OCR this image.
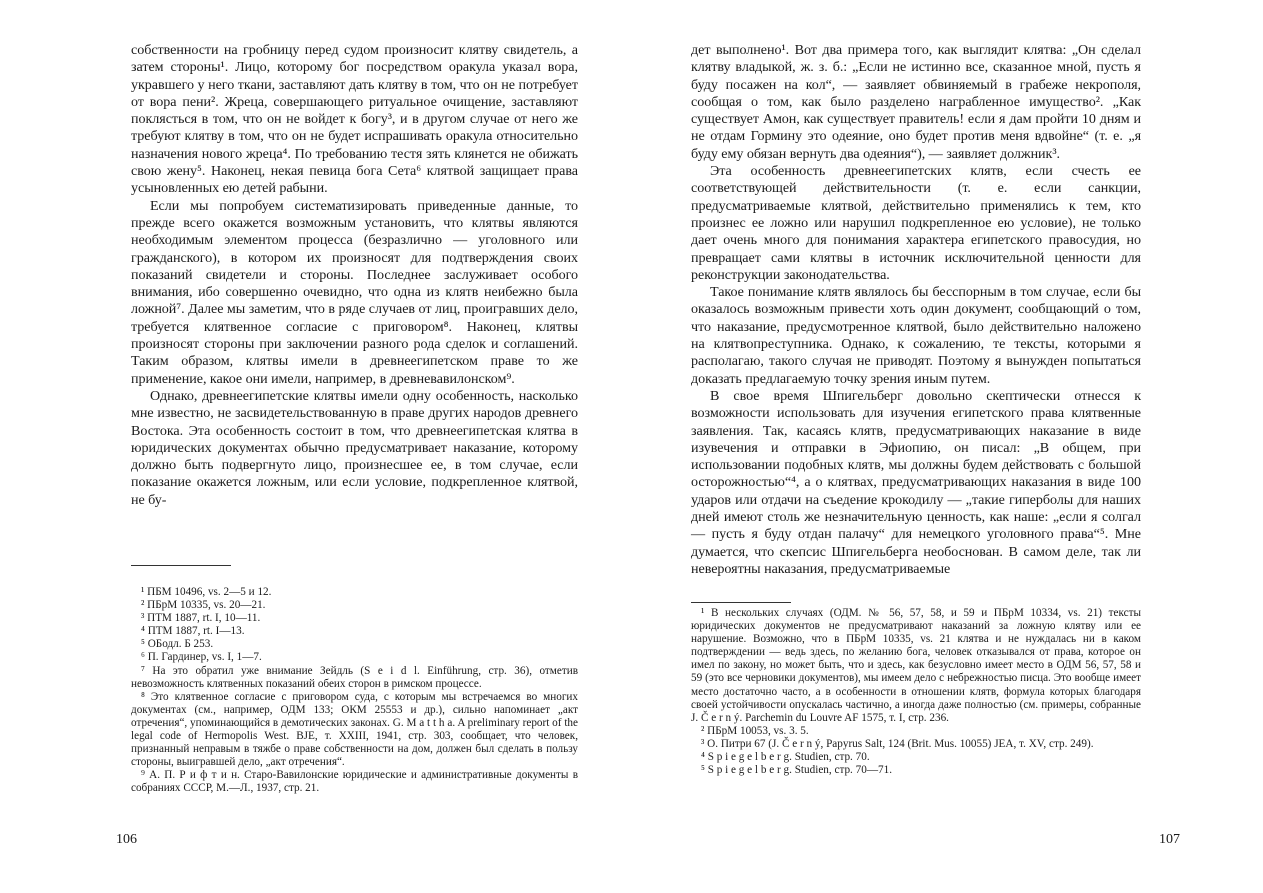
собственности на гробницу перед судом произносит клятву свидетель, а затем стороны¹. Лицо, которому бог посредством оракула указал вора, укравшего у него ткани, заставляют дать клятву в том, что он не потребует от вора пени². Жреца, совершающего ритуальное очищение, заставляют поклясться в том, что он не войдет к богу³, и в другом случае от него же требуют клятву в том, что он не будет испрашивать оракула относительно назначения нового жреца⁴. По требованию тестя зять клянется не обижать свою жену⁵. Наконец, некая певица бога Сета⁶ клятвой защищает права усыновленных ею детей рабыни.

Если мы попробуем систематизировать приведенные данные, то прежде всего окажется возможным установить, что клятвы являются необходимым элементом процесса (безразлично — уголовного или гражданского), в котором их произносят для подтверждения своих показаний свидетели и стороны. Последнее заслуживает особого внимания, ибо совершенно очевидно, что одна из клятв неибежно была ложной⁷. Далее мы заметим, что в ряде случаев от лиц, проигравших дело, требуется клятвенное согласие с приговором⁸. Наконец, клятвы произносят стороны при заключении разного рода сделок и соглашений. Таким образом, клятвы имели в древнеегипетском праве то же применение, какое они имели, например, в древневавилонском⁹.

Однако, древнеегипетские клятвы имели одну особенность, насколько мне известно, не засвидетельствованную в праве других народов древнего Востока. Эта особенность состоит в том, что древнеегипетская клятва в юридических документах обычно предусматривает наказание, которому должно быть подвергнуто лицо, произнесшее ее, в том случае, если показание окажется ложным, или если условие, подкрепленное клятвой, не бу-

¹ ПБМ 10496, vs. 2—5 и 12.

² ПБрМ 10335, vs. 20—21.

³ ПТМ 1887, rt. I, 10—11.

⁴ ПТМ 1887, rt. I—13.

⁵ ОБодл. Б 253.

⁶ П. Гардинер, vs. I, 1—7.

⁷ На это обратил уже внимание Зейдль (S e i d l. Einführung, стр. 36), отметив невозможность клятвенных показаний обеих сторон в римском процессе.

⁸ Это клятвенное согласие с приговором суда, с которым мы встречаемся во многих документах (см., например, ОДМ 133; ОКМ 25553 и др.), сильно напоминает „акт отречения“, упоминающийся в демотических законах. G. M a t t h a. A preliminary report of the legal code of Hermopolis West. BJE, т. XXIII, 1941, стр. 303, сообщает, что человек, признанный неправым в тяжбе о праве собственности на дом, должен был сделать в пользу стороны, выигравшей дело, „акт отречения“.

⁹ А. П. Р и ф т и н. Старо-Вавилонские юридические и административные документы в собраниях СССР, М.—Л., 1937, стр. 21.

106

дет выполнено¹. Вот два примера того, как выглядит клятва: „Он сделал клятву владыкой, ж. з. б.: „Если не истинно все, сказанное мной, пусть я буду посажен на кол“, — заявляет обвиняемый в грабеже некрополя, сообщая о том, как было разделено награбленное имущество². „Как существует Амон, как существует правитель! если я дам пройти 10 дням и не отдам Гормину это одеяние, оно будет против меня вдвойне“ (т. е. „я буду ему обязан вернуть два одеяния“), — заявляет должник³.

Эта особенность древнеегипетских клятв, если счесть ее соответствующей действительности (т. е. если санкции, предусматриваемые клятвой, действительно применялись к тем, кто произнес ее ложно или нарушил подкрепленное ею условие), не только дает очень много для понимания характера египетского правосудия, но превращает сами клятвы в источник исключительной ценности для реконструкции законодательства.

Такое понимание клятв являлось бы бесспорным в том случае, если бы оказалось возможным привести хоть один документ, сообщающий о том, что наказание, предусмотренное клятвой, было действительно наложено на клятвопреступника. Однако, к сожалению, те тексты, которыми я располагаю, такого случая не приводят. Поэтому я вынужден попытаться доказать предлагаемую точку зрения иным путем.

В свое время Шпигельберг довольно скептически отнесся к возможности использовать для изучения египетского права клятвенные заявления. Так, касаясь клятв, предусматривающих наказание в виде изувечения и отправки в Эфиопию, он писал: „В общем, при использовании подобных клятв, мы должны будем действовать с большой осторожностью“⁴, а о клятвах, предусматривающих наказания в виде 100 ударов или отдачи на съедение крокодилу — „такие гиперболы для наших дней имеют столь же незначительную ценность, как наше: „если я солгал — пусть я буду отдан палачу“ для немецкого уголовного права“⁵. Мне думается, что скепсис Шпигельберга необоснован. В самом деле, так ли невероятны наказания, предусматриваемые

¹ В нескольких случаях (ОДМ. № 56, 57, 58, и 59 и ПБрМ 10334, vs. 21) тексты юридических документов не предусматривают наказаний за ложную клятву или ее нарушение. Возможно, что в ПБрМ 10335, vs. 21 клятва и не нуждалась ни в каком подтверждении — ведь здесь, по желанию бога, человек отказывался от права, которое он имел по закону, но может быть, что и здесь, как безусловно имеет место в ОДМ 56, 57, 58 и 59 (это все черновики документов), мы имеем дело с небрежностью писца. Это вообще имеет место достаточно часто, а в особенности в отношении клятв, формула которых благодаря своей устойчивости опускалась частично, а иногда даже полностью (см. примеры, собранные J. Č e r n ý. Parchemin du Louvre AF 1575, т. I, стр. 236.

² ПБрМ 10053, vs. 3. 5.

³ О. Питри 67 (J. Č e r n ý, Papyrus Salt, 124 (Brit. Mus. 10055) JEA, т. XV, стр. 249).

⁴ S p i e g e l b e r g. Studien, стр. 70.

⁵ S p i e g e l b e r g. Studien, стр. 70—71.

107
